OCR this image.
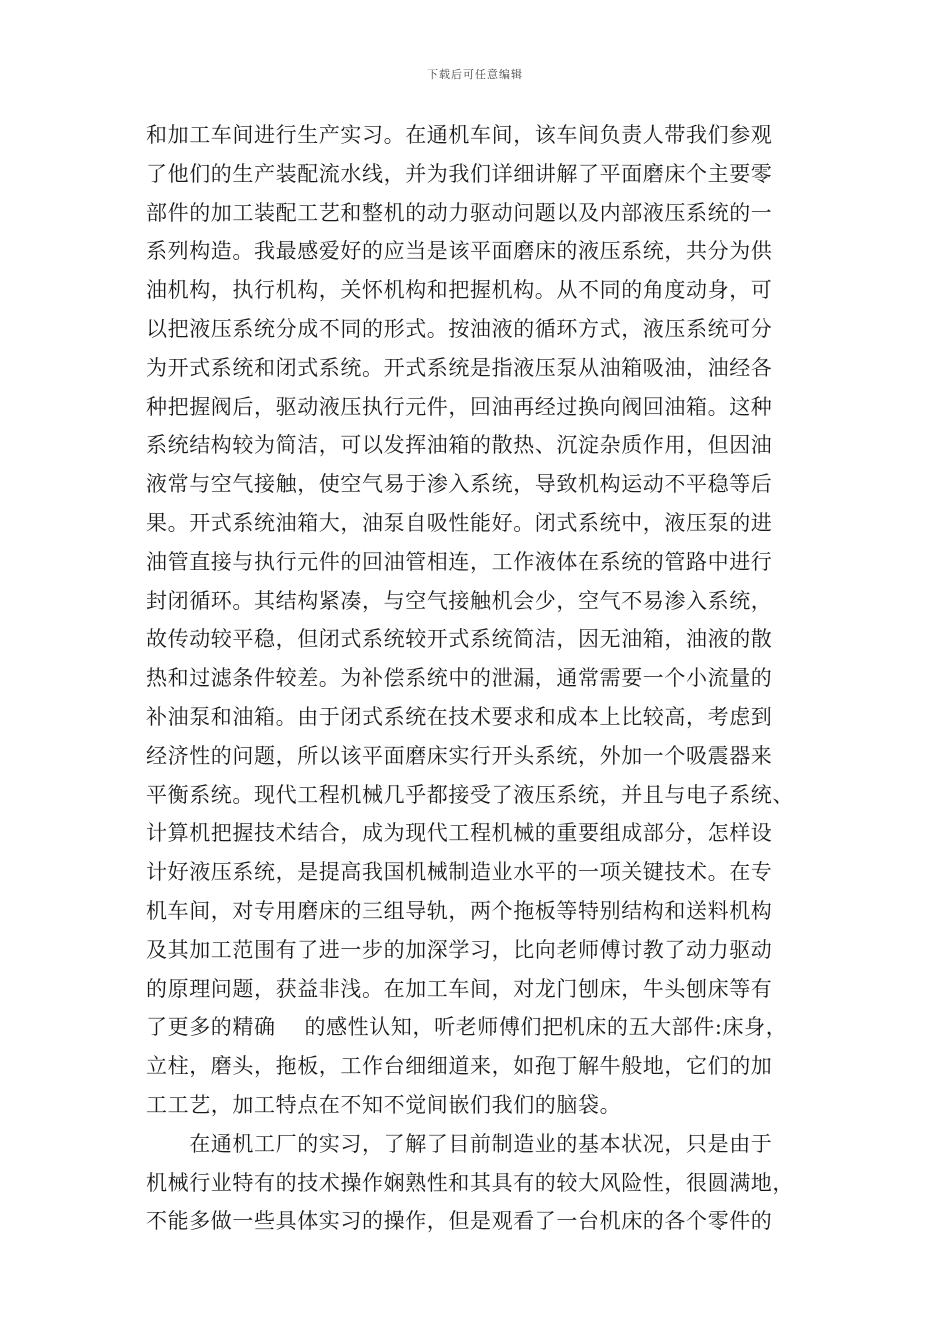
下载后可任意编辑
和加工车间进行生产实习。在通机车间，该车间负责人带我们参观
了他们的生产装配流水线，并为我们详细讲解了平面磨床个主要零
部件的加工装配工艺和整机的动力驱动问题以及内部液压系统的一
系列构造。我最感爱好的应当是该平面磨床的液压系统，共分为供
油机构，执行机构，关怀机构和把握机构。从不同的角度动身，可
以把液压系统分成不同的形式。按油液的循环方式，液压系统可分
为开式系统和闭式系统。开式系统是指液压泵从油箱吸油，油经各
种把握阀后，驱动液压执行元件，回油再经过换向阀回油箱。这种
系统结构较为简洁，可以发挥油箱的散热、沉淀杂质作用，但因油
液常与空气接触，使空气易于渗入系统，导致机构运动不平稳等后
果。开式系统油箱大，油泵自吸性能好。闭式系统中，液压泵的进
油管直接与执行元件的回油管相连，工作液体在系统的管路中进行
封闭循环。其结构紧凑，与空气接触机会少，空气不易渗入系统，
故传动较平稳，但闭式系统较开式系统简洁，因无油箱，油液的散
热和过滤条件较差。为补偿系统中的泄漏，通常需要一个小流量的
补油泵和油箱。由于闭式系统在技术要求和成本上比较高，考虑到
经济性的问题，所以该平面磨床实行开头系统，外加一个吸震器来
平衡系统。现代工程机械几乎都接受了液压系统，并且与电子系统、
计算机把握技术结合，成为现代工程机械的重要组成部分，怎样设
计好液压系统，是提高我国机械制造业水平的一项关键技术。在专
机车间，对专用磨床的三组导轨，两个拖板等特别结构和送料机构
及其加工范围有了进一步的加深学习，比向老师傅讨教了动力驱动
的原理问题，获益非浅。在加工车间，对龙门刨床，牛头刨床等有
了更多的精确　 的感性认知，听老师傅们把机床的五大部件:床身，
立柱，磨头，拖板，工作台细细道来，如孢丁解牛般地，它们的加
工工艺，加工特点在不知不觉间嵌们我们的脑袋。
　　在通机工厂的实习，了解了目前制造业的基本状况，只是由于
机械行业特有的技术操作娴熟性和其具有的较大风险性，很圆满地，
不能多做一些具体实习的操作，但是观看了一台机床的各个零件的
